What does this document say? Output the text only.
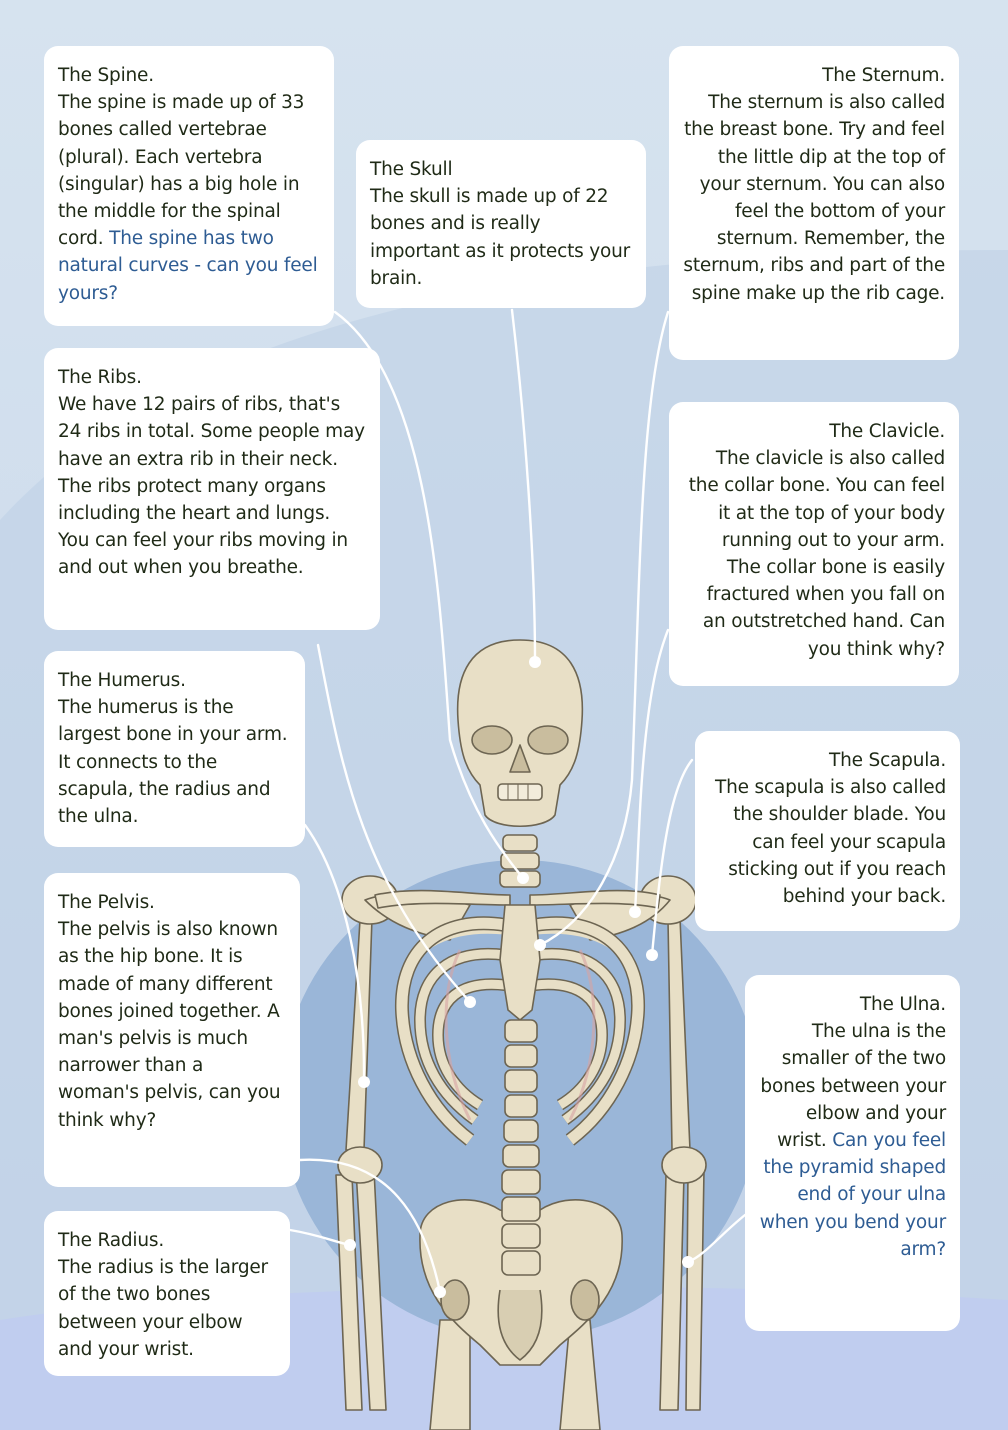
The Spine.
The spine is made up of 33 bones called vertebrae (plural). Each vertebra (singular) has a big hole in the middle for the spinal cord. The spine has two natural curves - can you feel yours?
The Skull
The skull is made up of 22 bones and is really important as it protects your brain.
The Sternum.
The sternum is also called the breast bone. Try and feel the little dip at the top of your sternum. You can also feel the bottom of your sternum. Remember, the sternum, ribs and part of the spine make up the rib cage.
The Ribs.
We have 12 pairs of ribs, that's 24 ribs in total. Some people may have an extra rib in their neck. The ribs protect many organs including the heart and lungs. You can feel your ribs moving in and out when you breathe.
The Clavicle.
The clavicle is also called the collar bone. You can feel it at the top of your body running out to your arm. The collar bone is easily fractured when you fall on an outstretched hand. Can you think why?
The Humerus.
The humerus is the largest bone in your arm. It connects to the scapula, the radius and the ulna.
The Scapula.
The scapula is also called the shoulder blade. You can feel your scapula sticking out if you reach behind your back.
The Pelvis.
The pelvis is also known as the hip bone. It is made of many different bones joined together. A man's pelvis is much narrower than a woman's pelvis, can you think why?
The Ulna.
The ulna is the smaller of the two bones between your elbow and your wrist. Can you feel the pyramid shaped end of your ulna when you bend your arm?
The Radius.
The radius is the larger of the two bones between your elbow and your wrist.
